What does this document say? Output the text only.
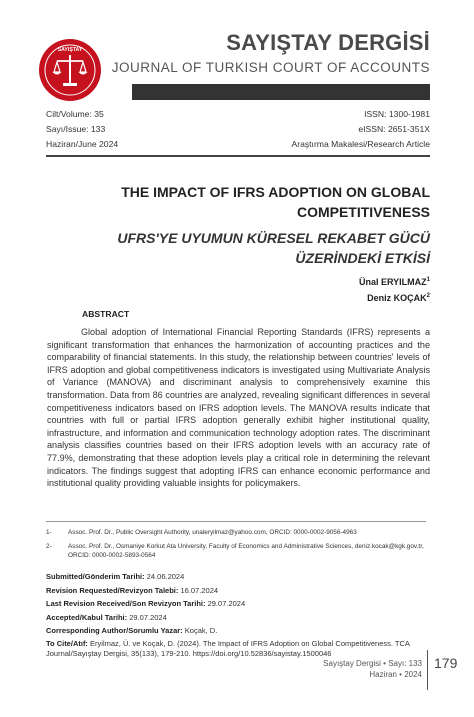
SAYIŞTAY	SAYIŞTAY DERGİSİ
JOURNAL OF TURKISH COURT OF ACCOUNTS
Cilt/Volume: 35
Sayı/Issue: 133
Haziran/June 2024
ISSN: 1300-1981
eISSN: 2651-351X
Araştırma Makalesi/Research Article
THE IMPACT OF IFRS ADOPTION ON GLOBAL
COMPETITIVENESS
UFRS'YE UYUMUN KÜRESEL REKABET GÜCÜ
ÜZERİNDEKİ ETKİSİ
Ünal ERYILMAZ$^1$
Deniz KOÇAK$^2$
ABSTRACT

Global adoption of International Financial Reporting Standards (IFRS) represents a significant transformation that enhances the harmonization of accounting practices and the comparability of financial statements. In this study, the relationship between countries' levels of IFRS adoption and global competitiveness indicators is investigated using Multivariate Analysis of Variance (MANOVA) and discriminant analysis to comprehensively examine this transformation. Data from 86 countries are analyzed, revealing significant differences in several competitiveness indicators based on IFRS adoption levels. The MANOVA results indicate that countries with full or partial IFRS adoption generally exhibit higher institutional quality, infrastructure, and information and communication technology adoption rates. The discriminant analysis classifies countries based on their IFRS adoption levels with an accuracy rate of 77.9%, demonstrating that these adoption levels play a critical role in determining the relevant indicators. The findings suggest that adopting IFRS can enhance economic performance and institutional quality providing valuable insights for policymakers.

1-	Assoc. Prof. Dr., Public Oversight Authority, unaleryilmaz@yahoo.com, ORCID: 0000-0002-9056-4963
2-	Assoc. Prof. Dr., Osmaniye Korkut Ata University, Faculty of Economics and Administrative Sciences, deniz.kocak@kgk.gov.tr, ORCID: 0000-0002-5893-0564
Submitted/Gönderim Tarihi: 24.06.2024
Revision Requested/Revizyon Talebi: 16.07.2024
Last Revision Received/Son Revizyon Tarihi: 29.07.2024
Accepted/Kabul Tarihi: 29.07.2024
Corresponding Author/Sorumlu Yazar: Koçak, D.
To Cite/Atıf: Eryilmaz, Ü. ve Koçak, D. (2024). The Impact of IFRS Adoption on Global Competitiveness. TCA Journal/Sayıştay Dergisi, 35(133), 179-210. https://doi.org/10.52836/sayistay.1500046
Sayıştay Dergisi • Sayı: 133
Haziran • 2024
179
